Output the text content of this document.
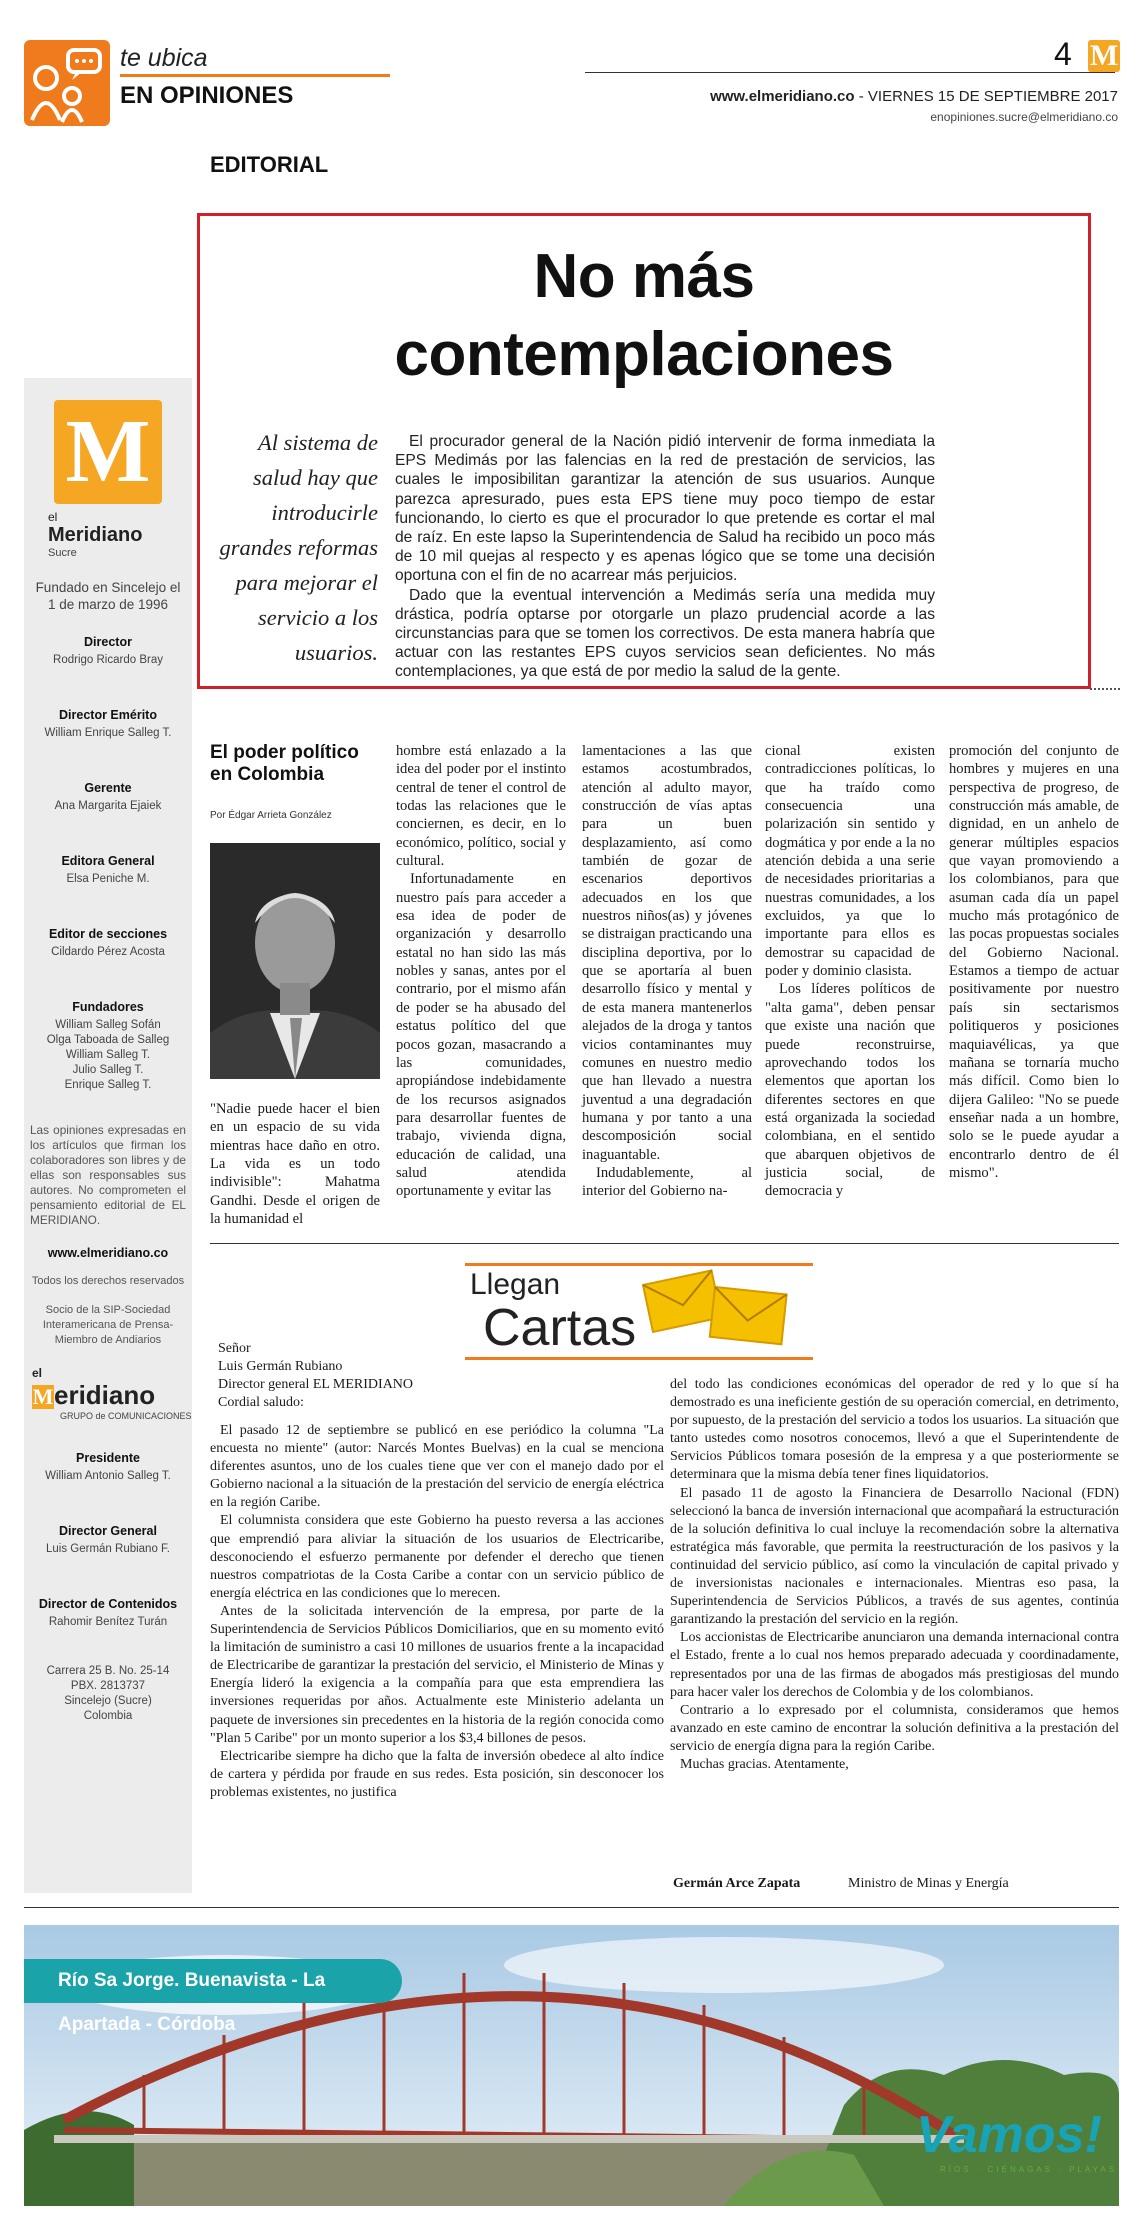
te ubica
EN OPINIONES
4 M
www.elmeridiano.co - VIERNES 15 DE SEPTIEMBRE 2017
enopiniones.sucre@elmeridiano.co
EDITORIAL
M
el
Meridiano
Sucre
Fundado en Sincelejo el 1 de marzo de 1996
Director
Rodrigo Ricardo Bray
Director Emérito
William Enrique Salleg T.
Gerente
Ana Margarita Ejaiek
Editora General
Elsa Peniche M.
Editor de secciones
Cildardo Pérez Acosta
Fundadores
William Salleg Sofán
Olga Taboada de Salleg
William Salleg T.
Julio Salleg T.
Enrique Salleg T.
Las opiniones expresadas en los artículos que firman los colaboradores son libres y de ellas son responsables sus autores. No comprometen el pensamiento editorial de EL MERIDIANO.
www.elmeridiano.co
Todos los derechos reservados
Socio de la SIP-Sociedad Interamericana de Prensa-Miembro de Andiarios
el
Meridiano
GRUPO de COMUNICACIONES
Presidente
William Antonio Salleg T.
Director General
Luis Germán Rubiano F.
Director de Contenidos
Rahomir Benítez Turán
Carrera 25 B. No. 25-14
PBX. 2813737
Sincelejo (Sucre)
Colombia
No más
contemplaciones
Al sistema de salud hay que introducirle grandes reformas para mejorar el servicio a los usuarios.

El procurador general de la Nación pidió intervenir de forma inmediata la EPS Medimás por las falencias en la red de prestación de servicios, las cuales le imposibilitan garantizar la atención de sus usuarios. Aunque parezca apresurado, pues esta EPS tiene muy poco tiempo de estar funcionando, lo cierto es que el procurador lo que pretende es cortar el mal de raíz. En este lapso la Superintendencia de Salud ha recibido un poco más de 10 mil quejas al respecto y es apenas lógico que se tome una decisión oportuna con el fin de no acarrear más perjuicios.

Dado que la eventual intervención a Medimás sería una medida muy drástica, podría optarse por otorgarle un plazo prudencial acorde a las circunstancias para que se tomen los correctivos. De esta manera habría que actuar con las restantes EPS cuyos servicios sean deficientes. No más contemplaciones, ya que está de por medio la salud de la gente.

El poder político en Colombia
Por Édgar Arrieta González

"Nadie puede hacer el bien en un espacio de su vida mientras hace daño en otro. La vida es un todo indivisible": Mahatma Gandhi. Desde el origen de la humanidad el

hombre está enlazado a la idea del poder por el instinto central de tener el control de todas las relaciones que le conciernen, es decir, en lo económico, político, social y cultural.

Infortunadamente en nuestro país para acceder a esa idea de poder de organización y desarrollo estatal no han sido las más nobles y sanas, antes por el contrario, por el mismo afán de poder se ha abusado del estatus político del que pocos gozan, masacrando a las comunidades, apropiándose indebidamente de los recursos asignados para desarrollar fuentes de trabajo, vivienda digna, educación de calidad, una salud atendida oportunamente y evitar las

lamentaciones a las que estamos acostumbrados, atención al adulto mayor, construcción de vías aptas para un buen desplazamiento, así como también de gozar de escenarios deportivos adecuados en los que nuestros niños(as) y jóvenes se distraigan practicando una disciplina deportiva, por lo que se aportaría al buen desarrollo físico y mental y de esta manera mantenerlos alejados de la droga y tantos vicios contaminantes muy comunes en nuestro medio que han llevado a nuestra juventud a una degradación humana y por tanto a una descomposición social inaguantable.

Indudablemente, al interior del Gobierno na-

cional existen contradicciones políticas, lo que ha traído como consecuencia una polarización sin sentido y dogmática y por ende a la no atención debida a una serie de necesidades prioritarias a nuestras comunidades, a los excluidos, ya que lo importante para ellos es demostrar su capacidad de poder y dominio clasista.

Los líderes políticos de "alta gama", deben pensar que existe una nación que puede reconstruirse, aprovechando todos los elementos que aportan los diferentes sectores en que está organizada la sociedad colombiana, en el sentido que abarquen objetivos de justicia social, de democracia y

promoción del conjunto de hombres y mujeres en una perspectiva de progreso, de construcción más amable, de dignidad, en un anhelo de generar múltiples espacios que vayan promoviendo a los colombianos, para que asuman cada día un papel mucho más protagónico de las pocas propuestas sociales del Gobierno Nacional. Estamos a tiempo de actuar positivamente por nuestro país sin sectarismos politiqueros y posiciones maquiavélicas, ya que mañana se tornaría mucho más difícil. Como bien lo dijera Galileo: "No se puede enseñar nada a un hombre, solo se le puede ayudar a encontrarlo dentro de él mismo".

Llegan
Cartas
Señor
Luis Germán Rubiano
Director general EL MERIDIANO
Cordial saludo:

El pasado 12 de septiembre se publicó en ese periódico la columna "La encuesta no miente" (autor: Narcés Montes Buelvas) en la cual se menciona diferentes asuntos, uno de los cuales tiene que ver con el manejo dado por el Gobierno nacional a la situación de la prestación del servicio de energía eléctrica en la región Caribe.

El columnista considera que este Gobierno ha puesto reversa a las acciones que emprendió para aliviar la situación de los usuarios de Electricaribe, desconociendo el esfuerzo permanente por defender el derecho que tienen nuestros compatriotas de la Costa Caribe a contar con un servicio público de energía eléctrica en las condiciones que lo merecen.

Antes de la solicitada intervención de la empresa, por parte de la Superintendencia de Servicios Públicos Domiciliarios, que en su momento evitó la limitación de suministro a casi 10 millones de usuarios frente a la incapacidad de Electricaribe de garantizar la prestación del servicio, el Ministerio de Minas y Energía lideró la exigencia a la compañía para que esta emprendiera las inversiones requeridas por años. Actualmente este Ministerio adelanta un paquete de inversiones sin precedentes en la historia de la región conocida como "Plan 5 Caribe" por un monto superior a los $3,4 billones de pesos.

Electricaribe siempre ha dicho que la falta de inversión obedece al alto índice de cartera y pérdida por fraude en sus redes. Esta posición, sin desconocer los problemas existentes, no justifica

del todo las condiciones económicas del operador de red y lo que sí ha demostrado es una ineficiente gestión de su operación comercial, en detrimento, por supuesto, de la prestación del servicio a todos los usuarios. La situación que tanto ustedes como nosotros conocemos, llevó a que el Superintendente de Servicios Públicos tomara posesión de la empresa y a que posteriormente se determinara que la misma debía tener fines liquidatorios.

El pasado 11 de agosto la Financiera de Desarrollo Nacional (FDN) seleccionó la banca de inversión internacional que acompañará la estructuración de la solución definitiva lo cual incluye la recomendación sobre la alternativa estratégica más favorable, que permita la reestructuración de los pasivos y la continuidad del servicio público, así como la vinculación de capital privado y de inversionistas nacionales e internacionales. Mientras eso pasa, la Superintendencia de Servicios Públicos, a través de sus agentes, continúa garantizando la prestación del servicio en la región.

Los accionistas de Electricaribe anunciaron una demanda internacional contra el Estado, frente a lo cual nos hemos preparado adecuada y coordinadamente, representados por una de las firmas de abogados más prestigiosas del mundo para hacer valer los derechos de Colombia y de los colombianos.

Contrario a lo expresado por el columnista, consideramos que hemos avanzado en este camino de encontrar la solución definitiva a la prestación del servicio de energía digna para la región Caribe.

Muchas gracias. Atentamente,

Germán Arce Zapata	Ministro de Minas y Energía
Río Sa Jorge. Buenavista - La Apartada - Córdoba
Vamos!
RÍOS · CIÉNAGAS · PLAYAS
